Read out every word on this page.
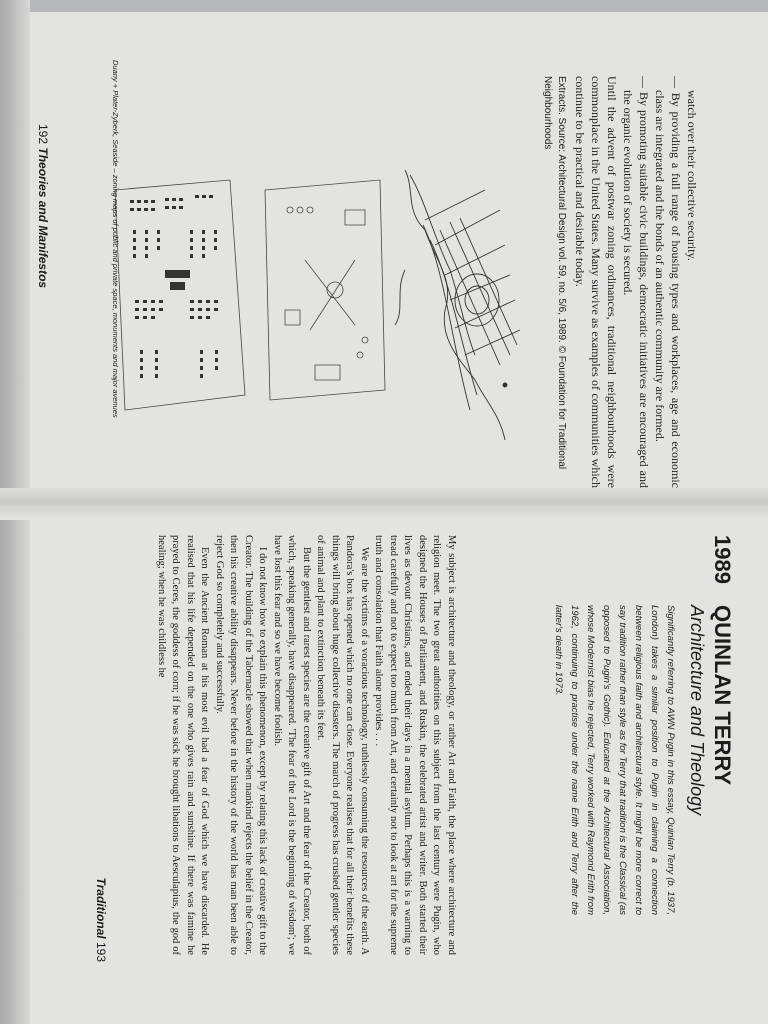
watch over their collective security.

— By providing a full range of housing types and workplaces, age and economic class are integrated and the bonds of an authentic community are formed.

— By promoting suitable civic buildings, democratic initiatives are encouraged and the organic evolution of society is secured.

Until the advent of postwar zoning ordinances, traditional neighbourhoods were commonplace in the United States. Many survive as examples of communities which continue to be practical and desirable today.

Extracts. Source: Architectural Design vol. 59, no. 5/6, 1989. © Foundation for Traditional Neighbourhoods

Duany + Plater-Zyberk, Seaside – zoning maps of public and private space, monuments and major avenues
192 Theories and Manifestos
1989QUINLAN TERRY
Architecture and Theology

Significantly referring to AWN Pugin in this essay, Quinlan Terry (b. 1937, London) takes a similar position to Pugin in claiming a connection between religious faith and architectural style. It might be more correct to say tradition rather than style as for Terry that tradition is the Classical (as opposed to Pugin's Gothic). Educated at the Architectural Association, whose Modernist bias he rejected, Terry worked with Raymond Erith from 1962, continuing to practise under the name Erith and Terry after the latter's death in 1973.

My subject is architecture and theology, or rather Art and Faith, the place where architecture and religion meet. The two great authorities on this subject from the last century were Pugin, who designed the Houses of Parliament, and Ruskin, the celebrated artist and writer. Both started their lives as devout Christians, and ended their days in a mental asylum. Perhaps this is a warning to tread carefully and not to expect too much from Art, and certainly not to look at art for the supreme truth and consolation that Faith alone provides . . .

We are the victims of a voracious technology, ruthlessly consuming the resources of the earth. A Pandora's box has opened which no one can close. Everyone realises that for all their benefits these things will bring about huge collective disasters. The march of progress has crushed gentler species of animal and plant to extinction beneath its feet.

But the gentlest and rarest species are the creative gift of Art and the fear of the Creator, both of which, speaking generally, have disappeared. 'The fear of the Lord is the beginning of wisdom'; we have lost this fear and so we have become foolish.

I do not know how to explain this phenomenon, except by relating this lack of creative gift to the Creator. The building of the Tabernacle showed that when mankind rejects the belief in the Creator, then his creative ability disappears. Never before in the history of the world has man been able to reject God so completely and successfully.

Even the Ancient Roman at his most evil had a fear of God which we have discarded. He realised that his life depended on the one who gives rain and sunshine. If there was famine he prayed to Ceres, the goddess of corn; if he was sick he brought libations to Aesculapius, the god of healing; when he was childless he

Traditional 193
